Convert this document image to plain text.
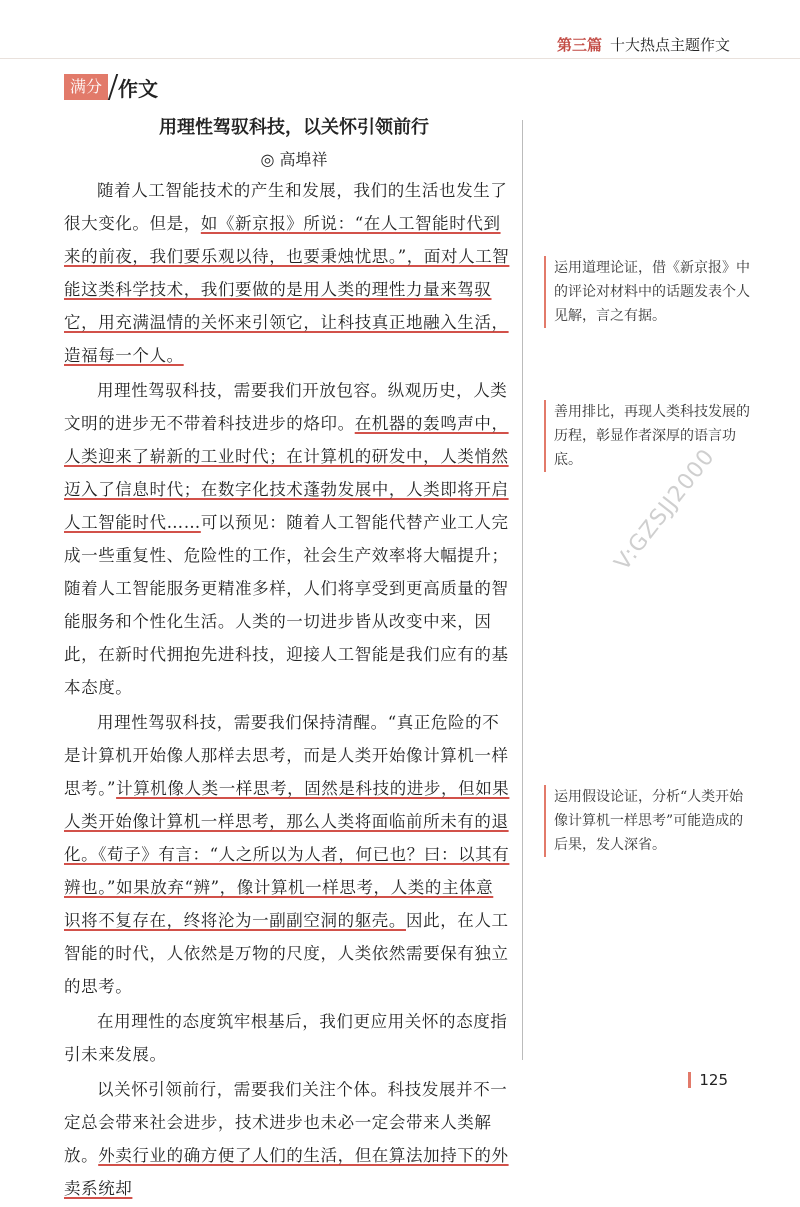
第三篇 十大热点主题作文
满分 作文
用理性驾驭科技，以关怀引领前行
◎ 高埠祥

随着人工智能技术的产生和发展，我们的生活也发生了很大变化。但是，如《新京报》所说：“在人工智能时代到来的前夜，我们要乐观以待，也要秉烛忧思。”，面对人工智能这类科学技术，我们要做的是用人类的理性力量来驾驭它，用充满温情的关怀来引领它，让科技真正地融入生活，造福每一个人。

用理性驾驭科技，需要我们开放包容。纵观历史，人类文明的进步无不带着科技进步的烙印。在机器的轰鸣声中，人类迎来了崭新的工业时代；在计算机的研发中，人类悄然迈入了信息时代；在数字化技术蓬勃发展中，人类即将开启人工智能时代……可以预见：随着人工智能代替产业工人完成一些重复性、危险性的工作，社会生产效率将大幅提升；随着人工智能服务更精准多样，人们将享受到更高质量的智能服务和个性化生活。人类的一切进步皆从改变中来，因此，在新时代拥抱先进科技，迎接人工智能是我们应有的基本态度。

用理性驾驭科技，需要我们保持清醒。“真正危险的不是计算机开始像人那样去思考，而是人类开始像计算机一样思考。”计算机像人类一样思考，固然是科技的进步，但如果人类开始像计算机一样思考，那么人类将面临前所未有的退化。《荀子》有言：“人之所以为人者，何已也？曰：以其有辨也。”如果放弃“辨”，像计算机一样思考，人类的主体意识将不复存在，终将沦为一副副空洞的躯壳。因此，在人工智能的时代，人依然是万物的尺度，人类依然需要保有独立的思考。

在用理性的态度筑牢根基后，我们更应用关怀的态度指引未来发展。

以关怀引领前行，需要我们关注个体。科技发展并不一定总会带来社会进步，技术进步也未必一定会带来人类解放。外卖行业的确方便了人们的生活，但在算法加持下的外卖系统却

运用道理论证，借《新京报》中的评论对材料中的话题发表个人见解，言之有据。
善用排比，再现人类科技发展的历程，彰显作者深厚的语言功底。
运用假设论证，分析“人类开始像计算机一样思考”可能造成的后果，发人深省。
V:GZSJJ2000
125
